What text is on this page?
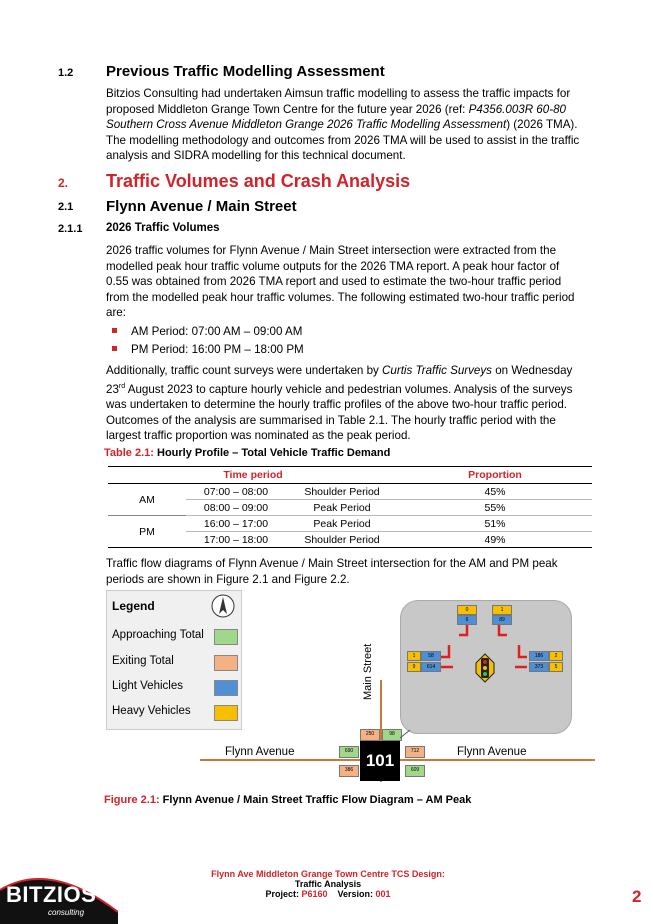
1.2 Previous Traffic Modelling Assessment
Bitzios Consulting had undertaken Aimsun traffic modelling to assess the traffic impacts for
proposed Middleton Grange Town Centre for the future year 2026 (ref: P4356.003R 60-80
Southern Cross Avenue Middleton Grange 2026 Traffic Modelling Assessment) (2026 TMA).
The modelling methodology and outcomes from 2026 TMA will be used to assist in the traffic
analysis and SIDRA modelling for this technical document.
2. Traffic Volumes and Crash Analysis
2.1 Flynn Avenue / Main Street
2.1.1 2026 Traffic Volumes
2026 traffic volumes for Flynn Avenue / Main Street intersection were extracted from the
modelled peak hour traffic volume outputs for the 2026 TMA report. A peak hour factor of
0.55 was obtained from 2026 TMA report and used to estimate the two-hour traffic period
from the modelled peak hour traffic volumes. The following estimated two-hour traffic period
are:
AM Period: 07:00 AM – 09:00 AM
PM Period: 16:00 PM – 18:00 PM
Additionally, traffic count surveys were undertaken by Curtis Traffic Surveys on Wednesday
23rd August 2023 to capture hourly vehicle and pedestrian volumes. Analysis of the surveys
was undertaken to determine the hourly traffic profiles of the above two-hour traffic period.
Outcomes of the analysis are summarised in Table 2.1. The hourly traffic period with the
largest traffic proportion was nominated as the peak period.
Table 2.1: Hourly Profile – Total Vehicle Traffic Demand
Time period			Proportion
AM	07:00 – 08:00	Shoulder Period	45%
	08:00 – 09:00	Peak Period	55%
PM	16:00 – 17:00	Peak Period	51%
	17:00 – 18:00	Shoulder Period	49%
Traffic flow diagrams of Flynn Avenue / Main Street intersection for the AM and PM peak
periods are shown in Figure 2.1 and Figure 2.2.
Legend
Approaching Total
Exiting Total
Light Vehicles
Heavy Vehicles
Main Street
Flynn Avenue	Flynn Avenue
101
250	98
690
386
712
609
0	1
6	89
1	58
9	614
186
373
2
5
Figure 2.1: Flynn Avenue / Main Street Traffic Flow Diagram – AM Peak
BITZIOS
consulting
Flynn Ave Middleton Grange Town Centre TCS Design:
Traffic Analysis
Project: P6160 Version: 001	2
